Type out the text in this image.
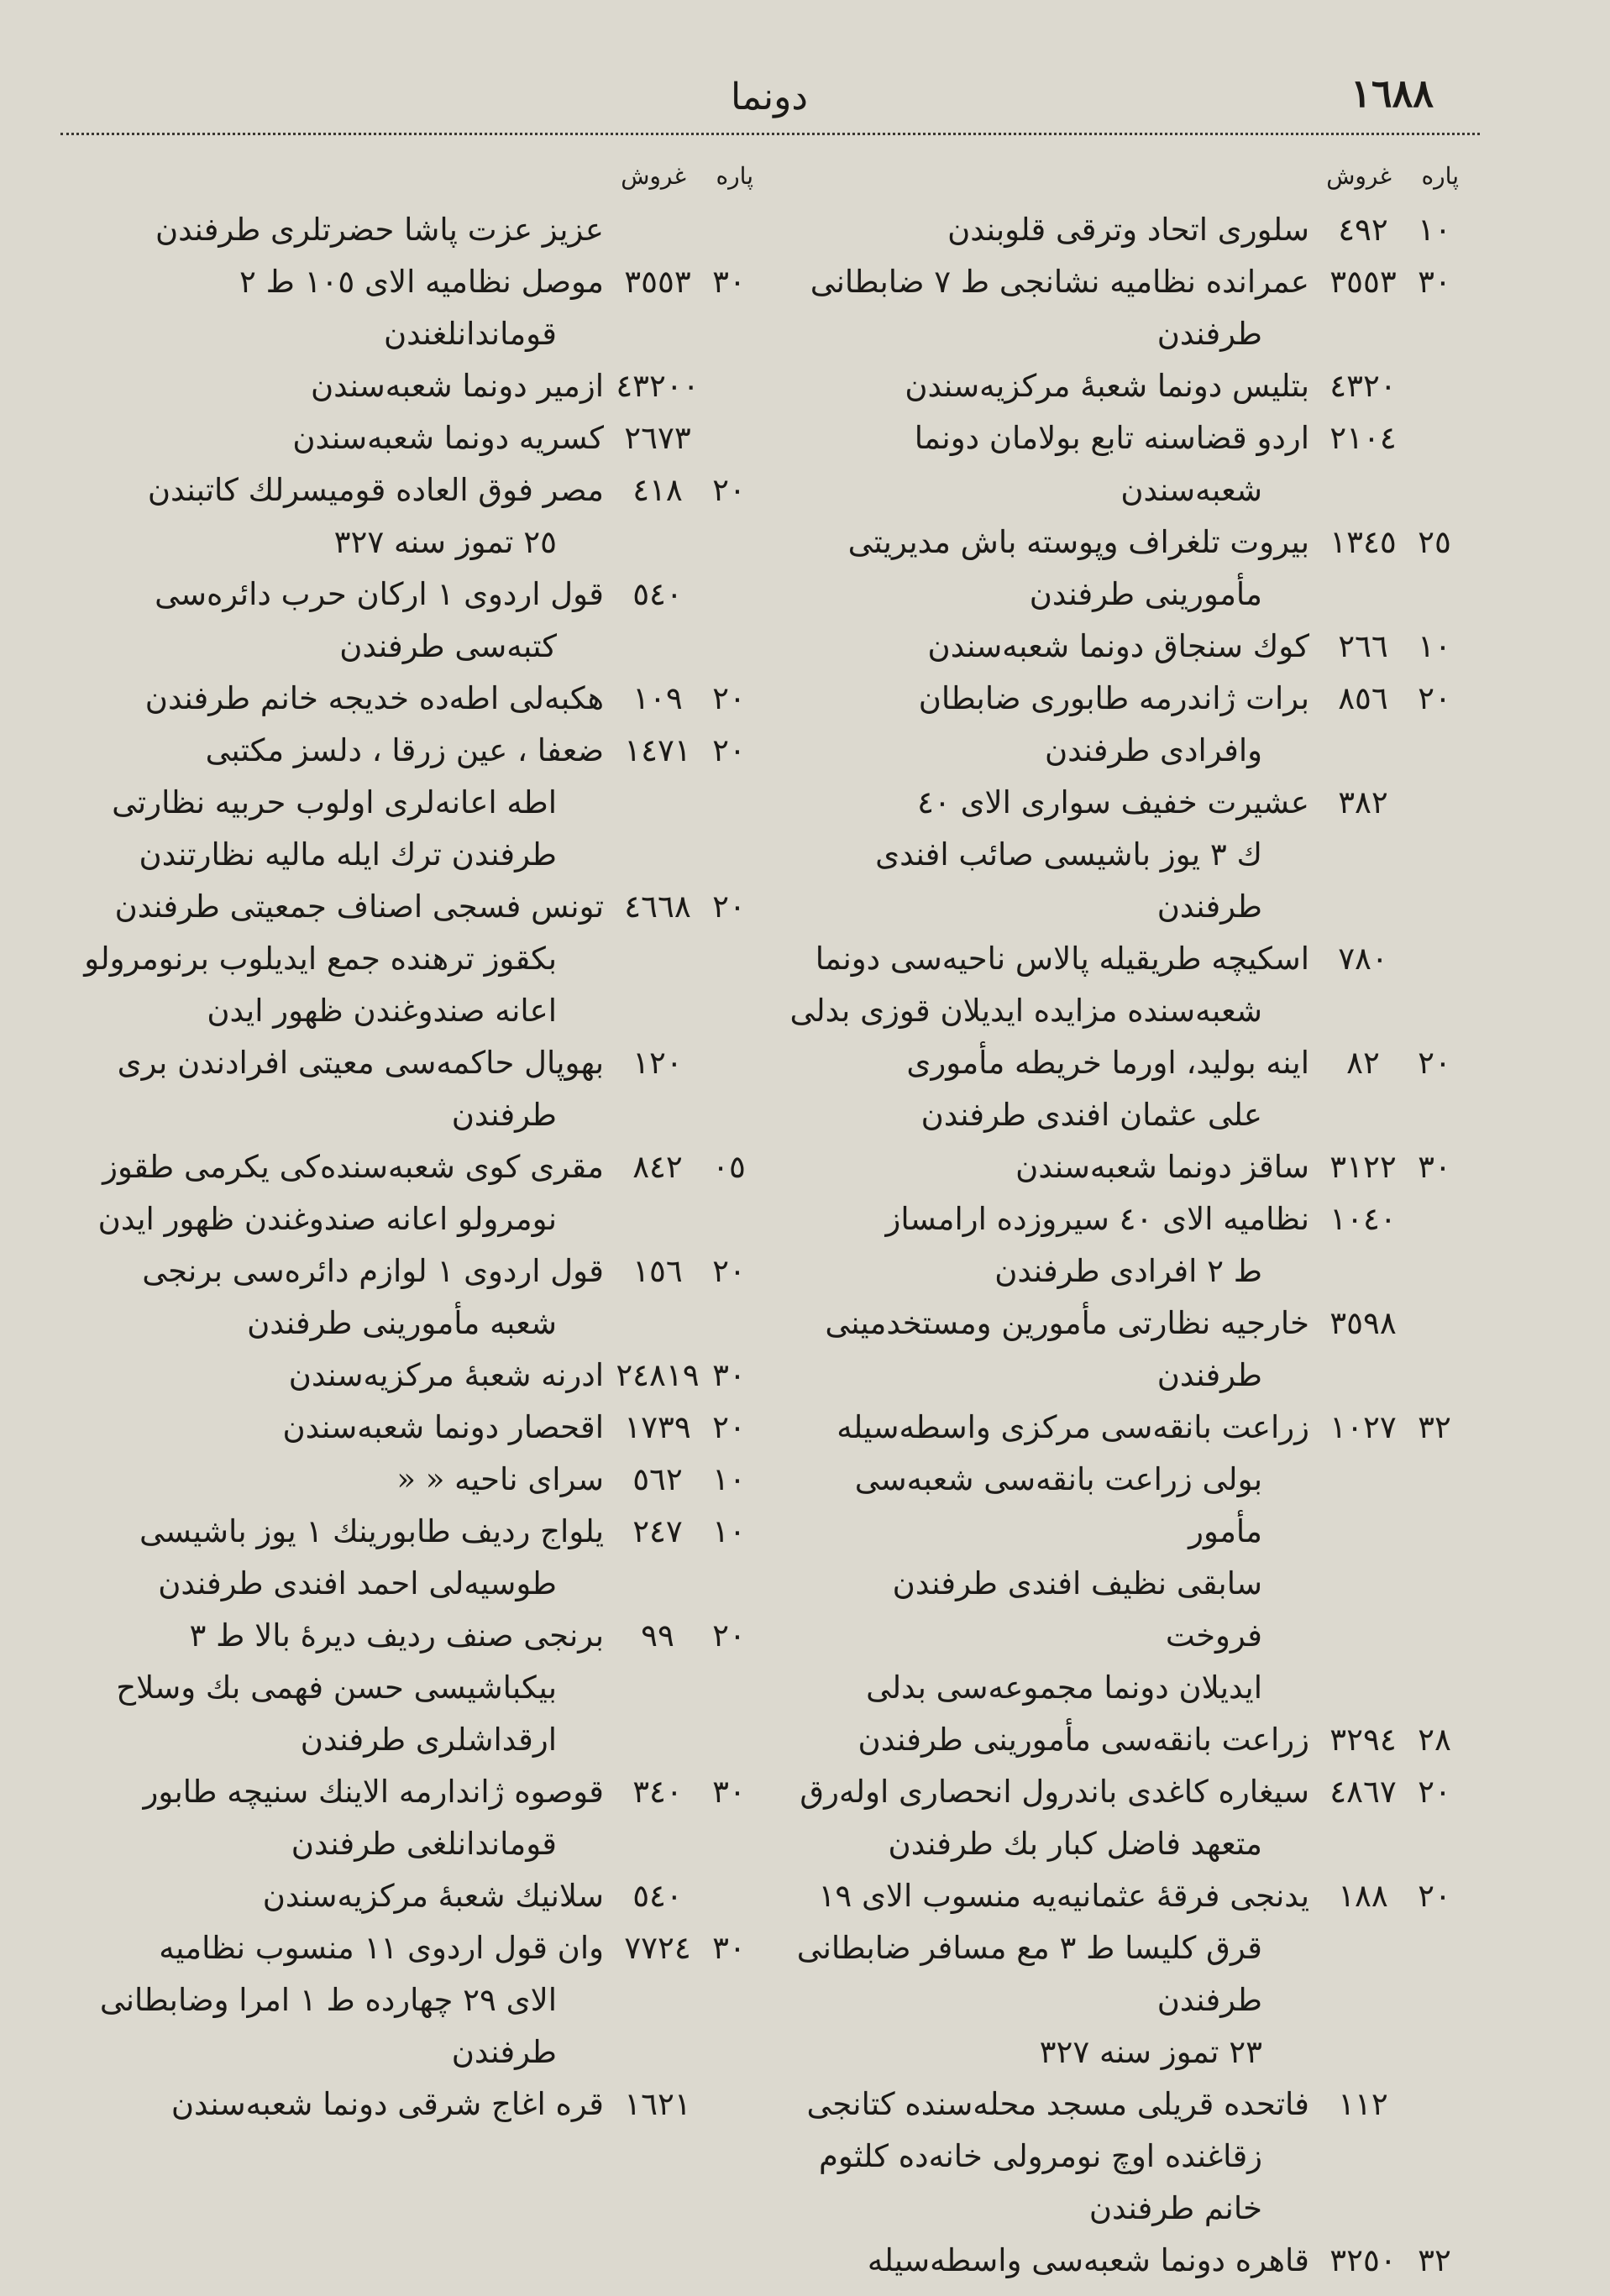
١٦٨٨
دونما
پاره
غروش
١٠
٤٩٢
سلوری اتحاد وترقی قلوبندن
٣٠
٣٥٥٣
عمرانده نظامیه نشانجی ط ٧ ضابطانی
طرفندن
٤٣٢٠
بتلیس دونما شعبۀ مرکزیه‌سندن
٢١٠٤
اردو قضاسنه تابع بولامان دونما
شعبه‌سندن
٢٥
١٣٤٥
بیروت تلغراف وپوسته باش مدیریتی
مأمورینی طرفندن
١٠
٢٦٦
کوك سنجاق دونما شعبه‌سندن
٢٠
٨٥٦
برات ژاندرمه طابوری ضابطان
وافرادی طرفندن
٣٨٢
عشیرت خفیف سواری الای ٤٠
ك ٣ یوز باشیسی صائب افندی طرفندن
٧٨٠
اسکیچه طریقیله پالاس ناحیه‌سی دونما
شعبه‌سنده مزایده ایدیلان قوزی بدلی
٢٠
٨٢
اینه بولید، اورما خریطه مأموری
علی عثمان افندی طرفندن
٣٠
٣١٢٢
ساقز دونما شعبه‌سندن
١٠٤٠
نظامیه الای ٤٠ سیروزده ارامساز
ط ٢ افرادی طرفندن
٣٥٩٨
خارجیه نظارتی مأمورین ومستخدمینی
طرفندن
٣٢
١٠٢٧
زراعت بانقه‌سی مرکزی واسطه‌سیله
بولی زراعت بانقه‌سی شعبه‌سی مأمور
سابقی نظیف افندی طرفندن فروخت
ایدیلان دونما مجموعه‌سی بدلی
٢٨
٣٢٩٤
زراعت بانقه‌سی مأمورینی طرفندن
٢٠
٤٨٦٧
سیغاره کاغدی باندرول انحصاری اولەرق
متعهد فاضل کبار بك طرفندن
٢٠
١٨٨
یدنجی فرقۀ عثمانیه‌یه منسوب الای ١٩
قرق کلیسا ط ٣ مع مسافر ضابطانی
طرفندن
٢٣ تموز سنه ٣٢٧
١١٢
فاتحده قریلی مسجد محله‌سنده کتانجی
زقاغنده اوچ نومرولی خانه‌ده کلثوم
خانم طرفندن
٣٢
٣٢٥٠
قاهره دونما شعبه‌سی واسطه‌سیله
پاره
غروش
عزیز عزت پاشا حضرتلری طرفندن
٣٠
٣٥٥٣
موصل نظامیه الای ١٠٥ ط ٢
قوماندانلغندن
٤٣٢٠٠
ازمیر دونما شعبه‌سندن
٢٦٧٣
کسریه دونما شعبه‌سندن
٢٠
٤١٨
مصر فوق العاده قومیسرلك کاتبندن
٢٥ تموز سنه ٣٢٧
٥٤٠
قول اردوی ١ ارکان حرب دائره‌سی
کتبه‌سی طرفندن
٢٠
١٠٩
هکبه‌لی اطه‌ده خدیجه خانم طرفندن
٢٠
١٤٧١
ضعفا ، عین زرقا ، دلسز مکتبی
اطه اعانه‌لری اولوب حربیه نظارتی
طرفندن ترك ایله مالیه نظارتندن
٢٠
٤٦٦٨
تونس فسجی اصناف جمعیتی طرفندن
بکقوز ترهنده جمع ایدیلوب برنومرولو
اعانه صندوغندن ظهور ایدن
١٢٠
بهوپال حاکمه‌سی معیتی افرادندن بری
طرفندن
٠٥
٨٤٢
مقری کوی شعبه‌سنده‌کی یکرمی طقوز
نومرولو اعانه صندوغندن ظهور ایدن
٢٠
١٥٦
قول اردوی ١ لوازم دائره‌سی برنجی
شعبه مأمورینی طرفندن
٣٠
٢٤٨١٩
ادرنه شعبۀ مرکزیه‌سندن
٢٠
١٧٣٩
اقحصار دونما شعبه‌سندن
١٠
٥٦٢
سرای ناحیه « «
١٠
٢٤٧
یلواج ردیف طابورینك ١ یوز باشیسی
طوسیه‌لی احمد افندی طرفندن
٢٠
٩٩
برنجی صنف ردیف دیرۀ بالا ط ٣
بیکباشیسی حسن فهمی بك وسلاح
ارقداشلری طرفندن
٣٠
٣٤٠
قوصوه ژاندارمه الاینك سنیچه طابور
قوماندانلغی طرفندن
٥٤٠
سلانیك شعبۀ مرکزیه‌سندن
٣٠
٧٧٢٤
وان قول اردوی ١١ منسوب نظامیه
الای ٢٩ چهارده ط ١ امرا وضابطانی
طرفندن
١٦٢١
قره اغاج شرقی دونما شعبه‌سندن
